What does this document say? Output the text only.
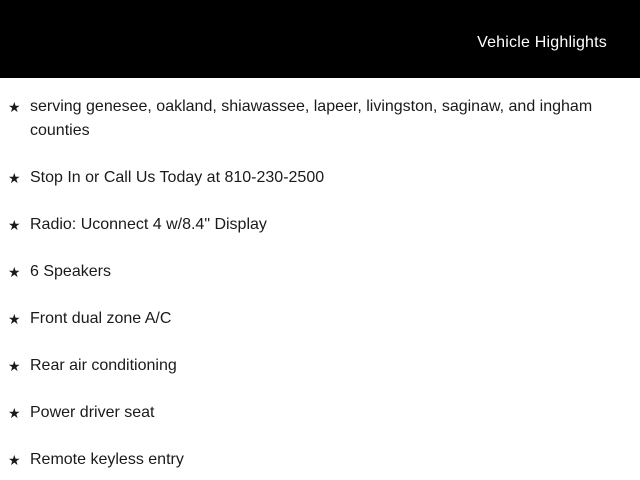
Vehicle Highlights
★ serving genesee, oakland, shiawassee, lapeer, livingston, saginaw, and ingham counties
★ Stop In or Call Us Today at 810-230-2500
★ Radio: Uconnect 4 w/8.4" Display
★ 6 Speakers
★ Front dual zone A/C
★ Rear air conditioning
★ Power driver seat
★ Remote keyless entry
